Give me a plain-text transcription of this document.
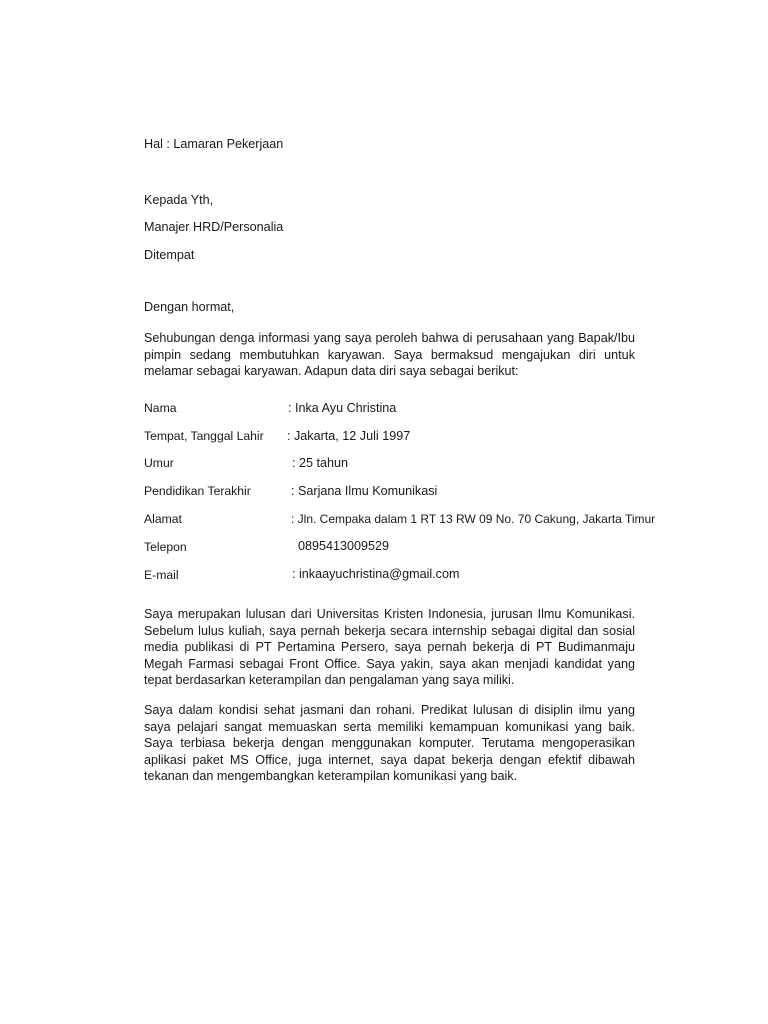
Hal : Lamaran Pekerjaan
Kepada Yth,
Manajer HRD/Personalia
Ditempat
Dengan hormat,
Sehubungan denga informasi yang saya peroleh bahwa di perusahaan yang Bapak/Ibu pimpin sedang membutuhkan karyawan. Saya bermaksud mengajukan diri untuk melamar sebagai karyawan. Adapun data diri saya sebagai berikut:
Nama	: Inka Ayu Christina
Tempat, Tanggal Lahir : Jakarta, 12 Juli 1997
Umur	: 25 tahun
Pendidikan Terakhir	: Sarjana Ilmu Komunikasi
Alamat	: Jln. Cempaka dalam 1 RT 13 RW 09 No. 70 Cakung, Jakarta Timur
Telepon	0895413009529
E-mail	: inkaayuchristina@gmail.com
Saya merupakan lulusan dari Universitas Kristen Indonesia, jurusan Ilmu Komunikasi. Sebelum lulus kuliah, saya pernah bekerja secara internship sebagai digital dan sosial media publikasi di PT Pertamina Persero, saya pernah bekerja di PT Budimanmaju Megah Farmasi sebagai Front Office. Saya yakin, saya akan menjadi kandidat yang tepat berdasarkan keterampilan dan pengalaman yang saya miliki.
Saya dalam kondisi sehat jasmani dan rohani. Predikat lulusan di disiplin ilmu yang saya pelajari sangat memuaskan serta memiliki kemampuan komunikasi yang baik. Saya terbiasa bekerja dengan menggunakan komputer. Terutama mengoperasikan aplikasi paket MS Office, juga internet, saya dapat bekerja dengan efektif dibawah tekanan dan mengembangkan keterampilan komunikasi yang baik.
